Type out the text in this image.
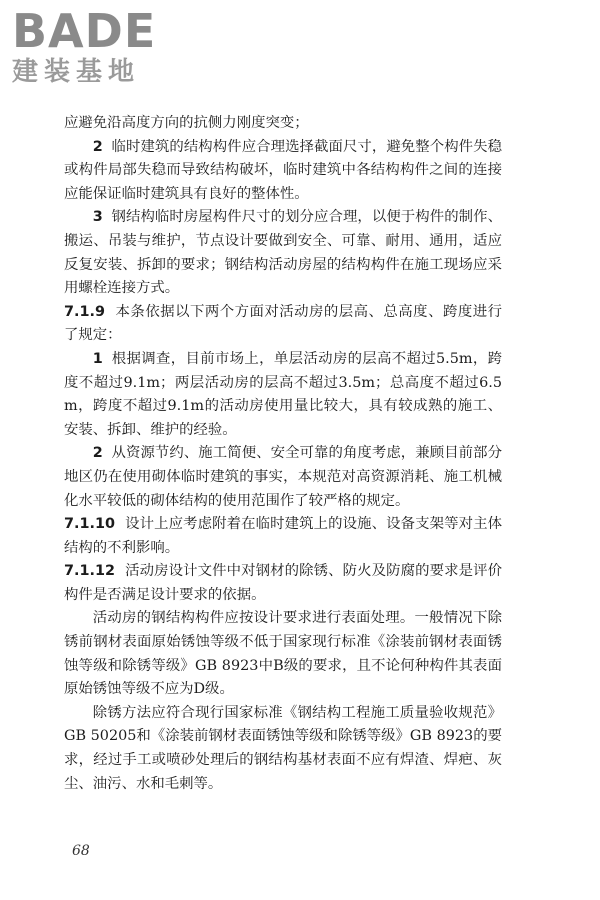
BADE
建装基地

应避免沿高度方向的抗侧力刚度突变；

2 临时建筑的结构构件应合理选择截面尺寸，避免整个构件失稳或构件局部失稳而导致结构破坏，临时建筑中各结构构件之间的连接应能保证临时建筑具有良好的整体性。

3 钢结构临时房屋构件尺寸的划分应合理，以便于构件的制作、搬运、吊装与维护，节点设计要做到安全、可靠、耐用、通用，适应反复安装、拆卸的要求；钢结构活动房屋的结构构件在施工现场应采用螺栓连接方式。

7.1.9 本条依据以下两个方面对活动房的层高、总高度、跨度进行了规定：

1 根据调查，目前市场上，单层活动房的层高不超过5.5m，跨度不超过9.1m；两层活动房的层高不超过3.5m；总高度不超过6.5m，跨度不超过9.1m的活动房使用量比较大，具有较成熟的施工、安装、拆卸、维护的经验。

2 从资源节约、施工简便、安全可靠的角度考虑，兼顾目前部分地区仍在使用砌体临时建筑的事实，本规范对高资源消耗、施工机械化水平较低的砌体结构的使用范围作了较严格的规定。

7.1.10 设计上应考虑附着在临时建筑上的设施、设备支架等对主体结构的不利影响。

7.1.12 活动房设计文件中对钢材的除锈、防火及防腐的要求是评价构件是否满足设计要求的依据。

活动房的钢结构构件应按设计要求进行表面处理。一般情况下除锈前钢材表面原始锈蚀等级不低于国家现行标准《涂装前钢材表面锈蚀等级和除锈等级》GB 8923中B级的要求，且不论何种构件其表面原始锈蚀等级不应为D级。

除锈方法应符合现行国家标准《钢结构工程施工质量验收规范》GB 50205和《涂装前钢材表面锈蚀等级和除锈等级》GB 8923的要求，经过手工或喷砂处理后的钢结构基材表面不应有焊渣、焊疤、灰尘、油污、水和毛刺等。

68
